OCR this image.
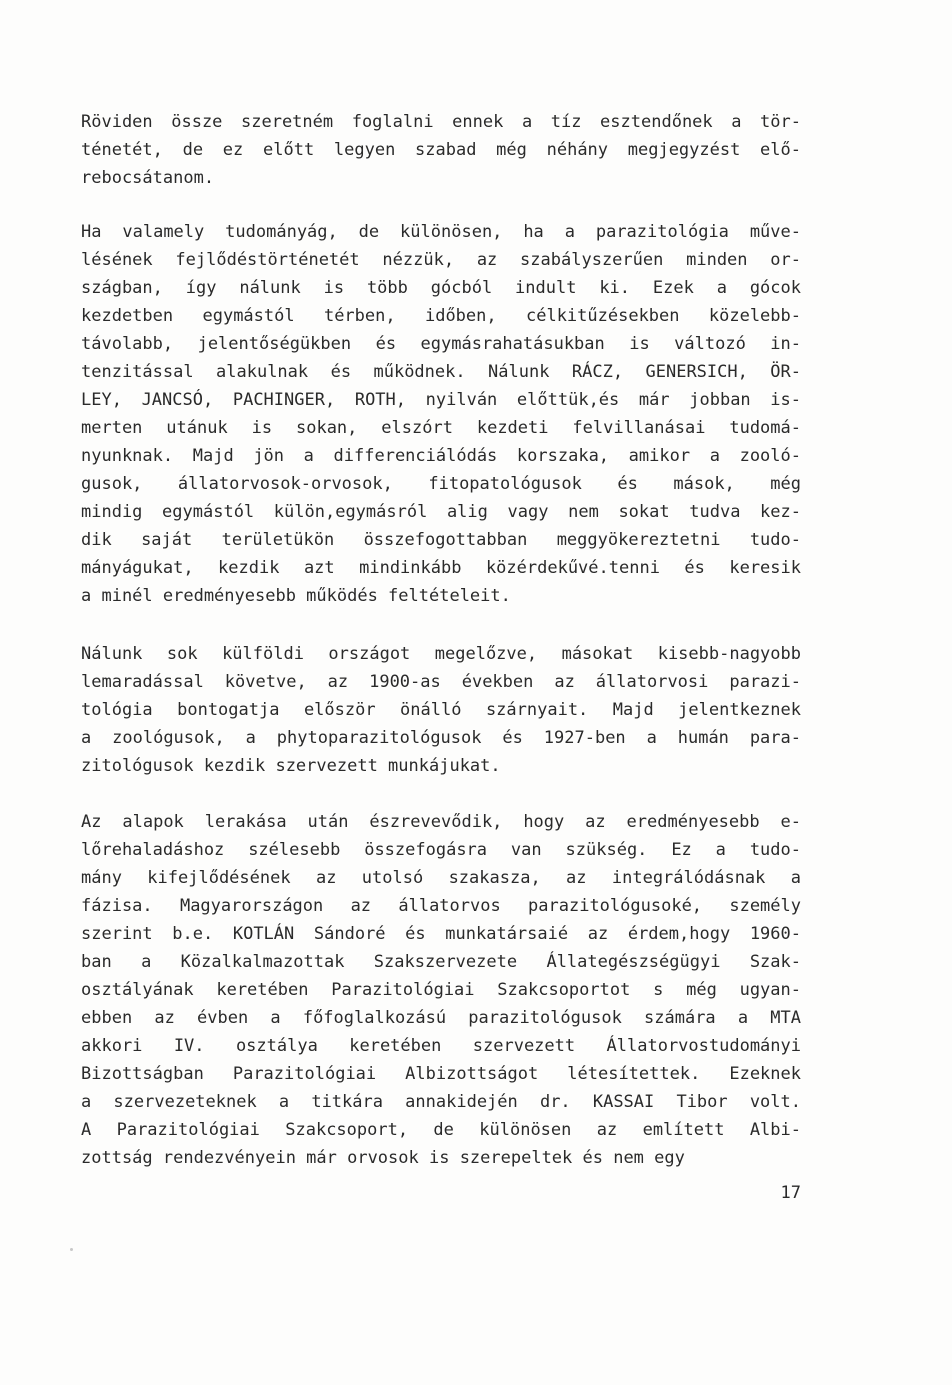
Röviden össze szeretném foglalni ennek a tíz esztendőnek a tör-
ténetét, de ez előtt legyen szabad még néhány megjegyzést elő-
rebocsátanom.
Ha valamely tudományág, de különösen, ha a parazitológia műve-
lésének fejlődéstörténetét nézzük, az szabályszerűen minden or-
szágban, így nálunk is több gócból indult ki. Ezek a gócok
kezdetben egymástól térben, időben, célkitűzésekben közelebb-
távolabb, jelentőségükben és egymásrahatásukban is változó in-
tenzitással alakulnak és működnek. Nálunk RÁCZ, GENERSICH, ÖR-
LEY, JANCSÓ, PACHINGER, ROTH, nyilván előttük,és már jobban is-
merten utánuk is sokan, elszórt kezdeti felvillanásai tudomá-
nyunknak. Majd jön a differenciálódás korszaka, amikor a zooló-
gusok, állatorvosok-orvosok, fitopatológusok és mások, még
mindig egymástól külön,egymásról alig vagy nem sokat tudva kez-
dik saját területükön összefogottabban meggyökereztetni tudo-
mányágukat, kezdik azt mindinkább közérdekűvé.tenni és keresik
a minél eredményesebb működés feltételeit.
Nálunk sok külföldi országot megelőzve, másokat kisebb-nagyobb
lemaradással követve, az 1900-as években az állatorvosi parazi-
tológia bontogatja először önálló szárnyait. Majd jelentkeznek
a zoológusok, a phytoparazitológusok és 1927-ben a humán para-
zitológusok kezdik szervezett munkájukat.
Az alapok lerakása után észrevevődik, hogy az eredményesebb e-
lőrehaladáshoz szélesebb összefogásra van szükség. Ez a tudo-
mány kifejlődésének az utolsó szakasza, az integrálódásnak a
fázisa. Magyarországon az állatorvos parazitológusoké, személy
szerint b.e. KOTLÁN Sándoré és munkatársaié az érdem,hogy 1960-
ban a Közalkalmazottak Szakszervezete Állategészségügyi Szak-
osztályának keretében Parazitológiai Szakcsoportot s még ugyan-
ebben az évben a főfoglalkozású parazitológusok számára a MTA
akkori IV. osztálya keretében szervezett Állatorvostudományi
Bizottságban Parazitológiai Albizottságot létesítettek. Ezeknek
a szervezeteknek a titkára annakidején dr. KASSAI Tibor volt.
A Parazitológiai Szakcsoport, de különösen az említett Albi-
zottság rendezvényein már orvosok is szerepeltek és nem egy
17
